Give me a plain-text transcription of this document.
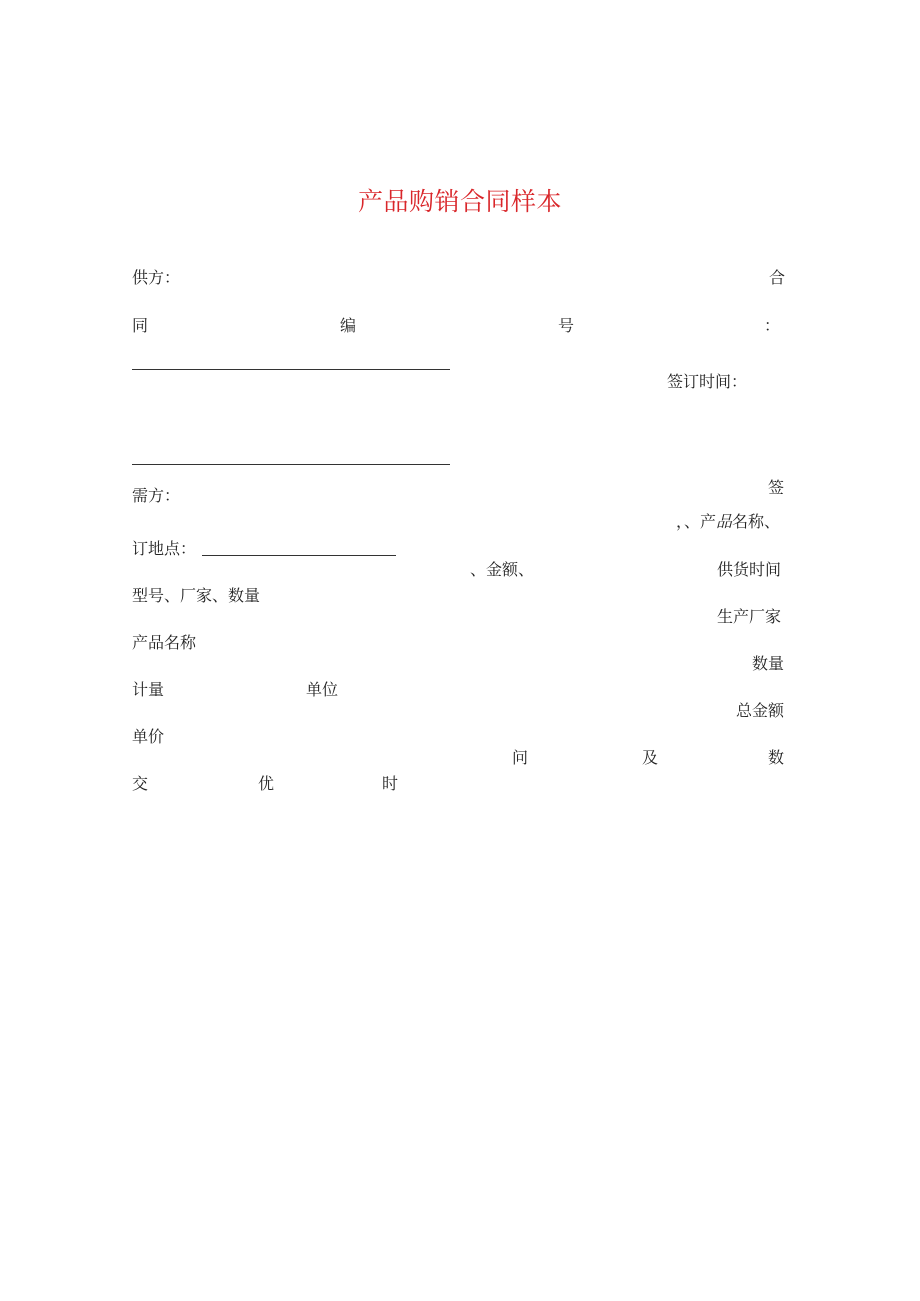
产品购销合同样本
供方：	合
同	编	号	：
签订时间：
签
需方：
，、产品名称、
订地点：
、金额、	供货时间
型号、厂家、数量
生产厂家
产品名称
数量
计量	单位
总金额
单价
问	及	数
交	优	时
